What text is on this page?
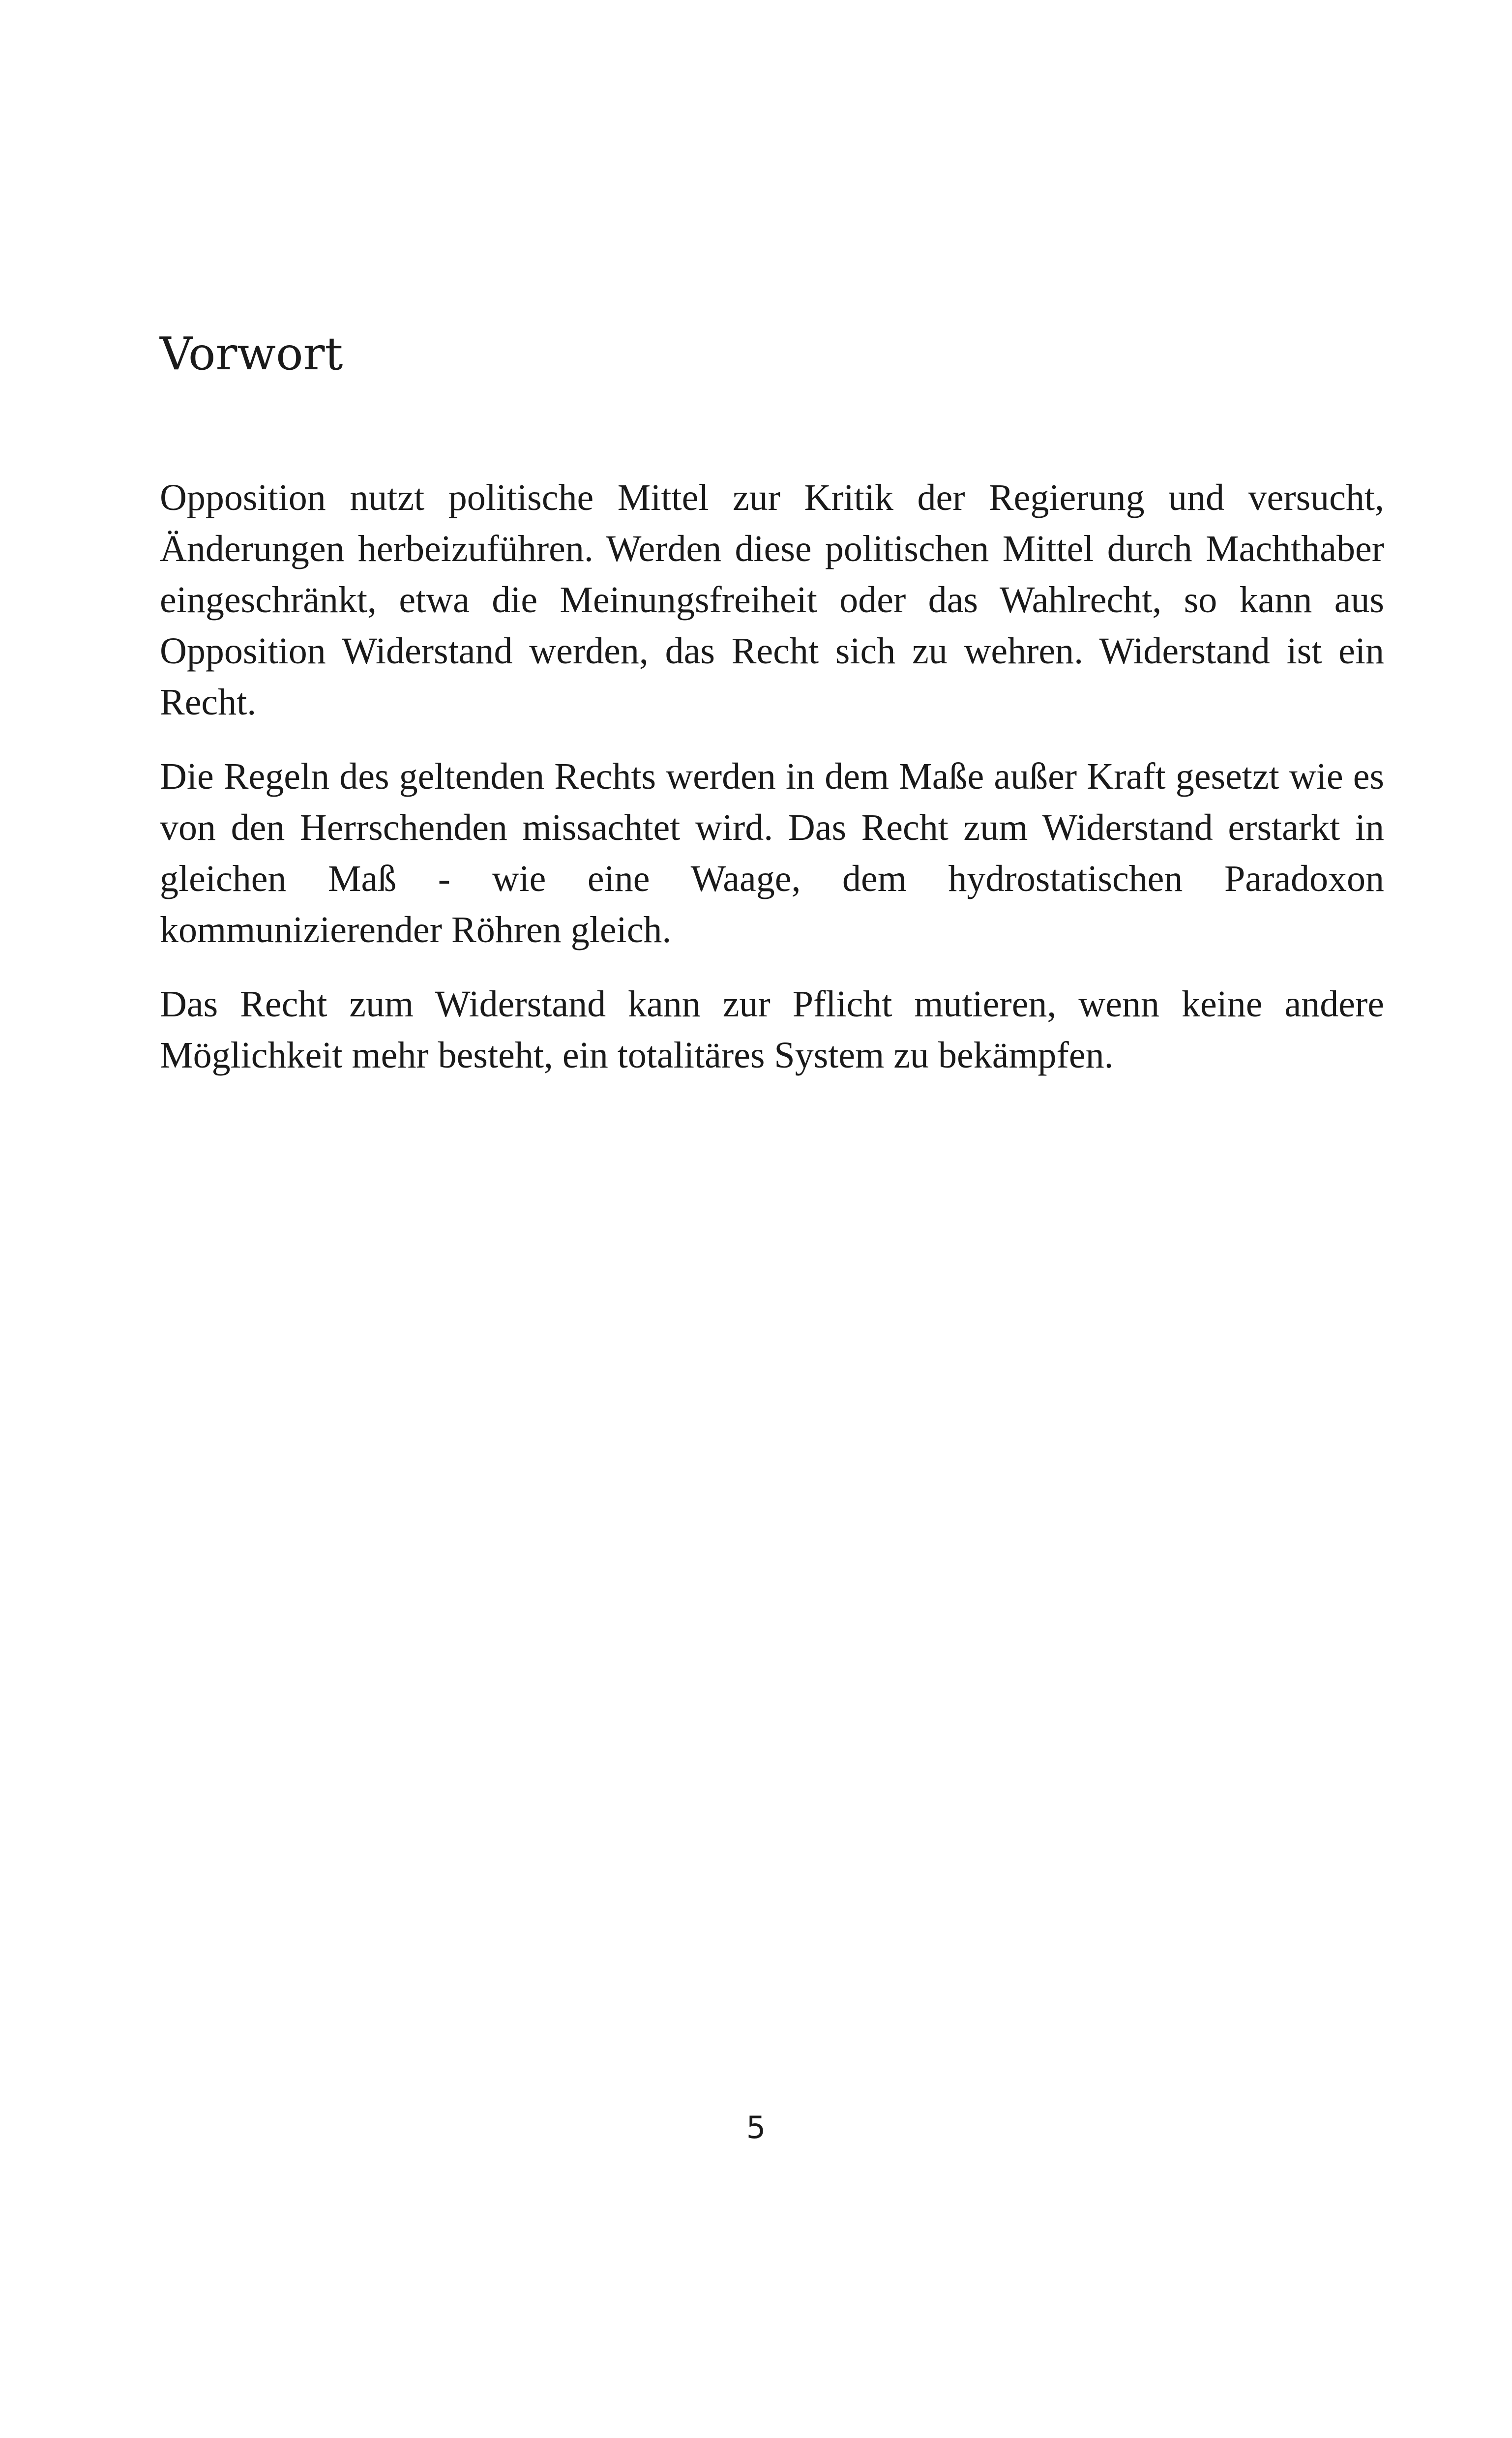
Vorwort

Opposition nutzt politische Mittel zur Kritik der Regierung und versucht, Änderungen herbeizuführen. Werden diese politischen Mittel durch Machthaber eingeschränkt, etwa die Meinungsfreiheit oder das Wahlrecht, so kann aus Opposition Widerstand werden, das Recht sich zu wehren. Widerstand ist ein Recht.

Die Regeln des geltenden Rechts werden in dem Maße außer Kraft gesetzt wie es von den Herrschenden missachtet wird. Das Recht zum Widerstand erstarkt in gleichen Maß - wie eine Waage, dem hydrostatischen Paradoxon kommunizierender Röhren gleich.

Das Recht zum Widerstand kann zur Pflicht mutieren, wenn keine andere Möglichkeit mehr besteht, ein totalitäres System zu bekämpfen.

5
